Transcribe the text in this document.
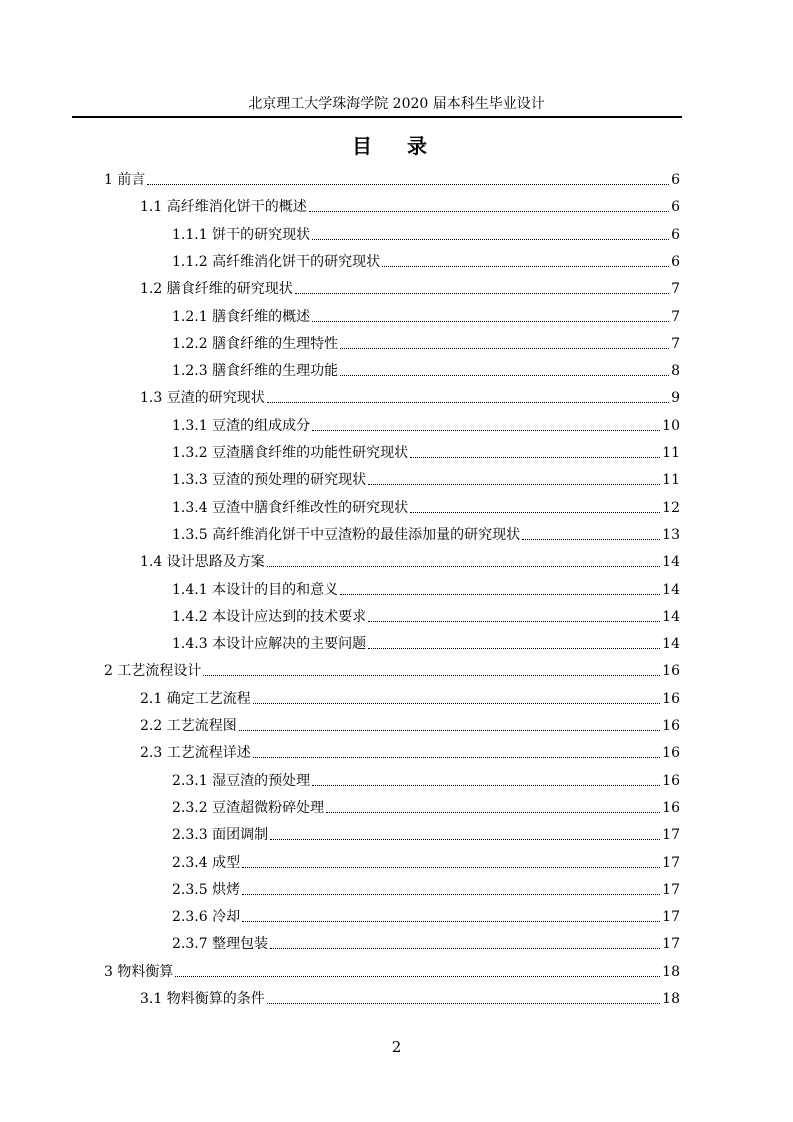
北京理工大学珠海学院 2020 届本科生毕业设计
目 录
1 前言	6
1.1 高纤维消化饼干的概述	6
1.1.1 饼干的研究现状	6
1.1.2 高纤维消化饼干的研究现状	6
1.2 膳食纤维的研究现状	7
1.2.1 膳食纤维的概述	7
1.2.2 膳食纤维的生理特性	7
1.2.3 膳食纤维的生理功能	8
1.3 豆渣的研究现状	9
1.3.1 豆渣的组成成分	10
1.3.2 豆渣膳食纤维的功能性研究现状	11
1.3.3 豆渣的预处理的研究现状	11
1.3.4 豆渣中膳食纤维改性的研究现状	12
1.3.5 高纤维消化饼干中豆渣粉的最佳添加量的研究现状	13
1.4 设计思路及方案	14
1.4.1 本设计的目的和意义	14
1.4.2 本设计应达到的技术要求	14
1.4.3 本设计应解决的主要问题	14
2 工艺流程设计	16
2.1 确定工艺流程	16
2.2 工艺流程图	16
2.3 工艺流程详述	16
2.3.1 湿豆渣的预处理	16
2.3.2 豆渣超微粉碎处理	16
2.3.3 面团调制	17
2.3.4 成型	17
2.3.5 烘烤	17
2.3.6 冷却	17
2.3.7 整理包装	17
3 物料衡算	18
3.1 物料衡算的条件	18
2
